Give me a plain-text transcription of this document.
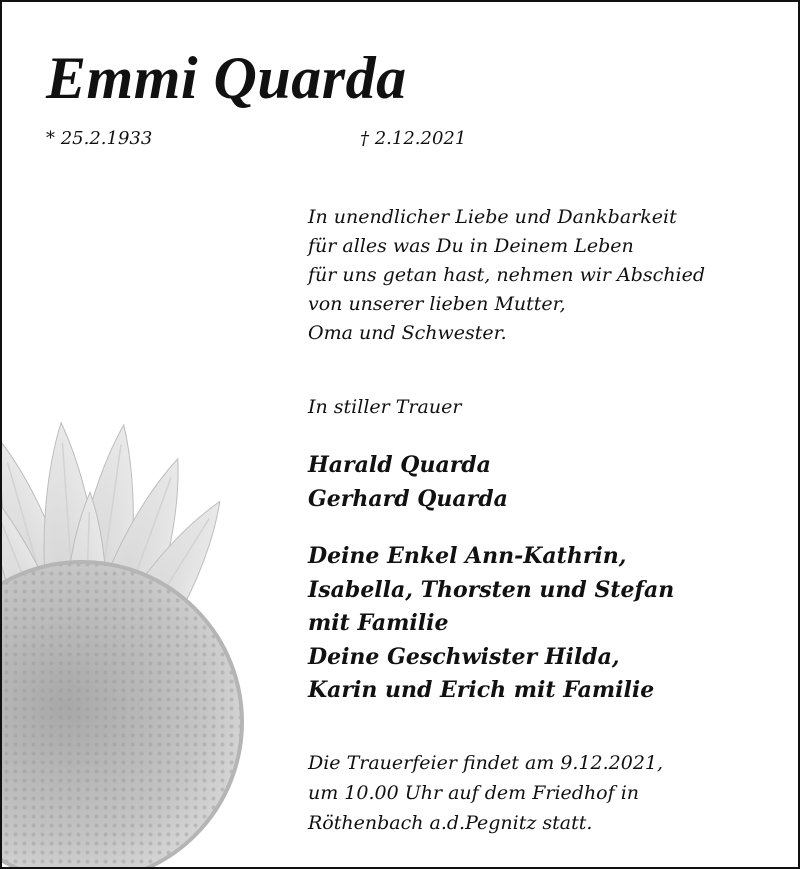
Emmi Quarda
* 25.2.1933	† 2.12.2021
In unendlicher Liebe und Dankbarkeit
für alles was Du in Deinem Leben
für uns getan hast, nehmen wir Abschied
von unserer lieben Mutter,
Oma und Schwester.
In stiller Trauer
Harald Quarda
Gerhard Quarda
Deine Enkel Ann-Kathrin,
Isabella, Thorsten und Stefan
mit Familie
Deine Geschwister Hilda,
Karin und Erich mit Familie
Die Trauerfeier findet am 9.12.2021,
um 10.00 Uhr auf dem Friedhof in
Röthenbach a.d.Pegnitz statt.
